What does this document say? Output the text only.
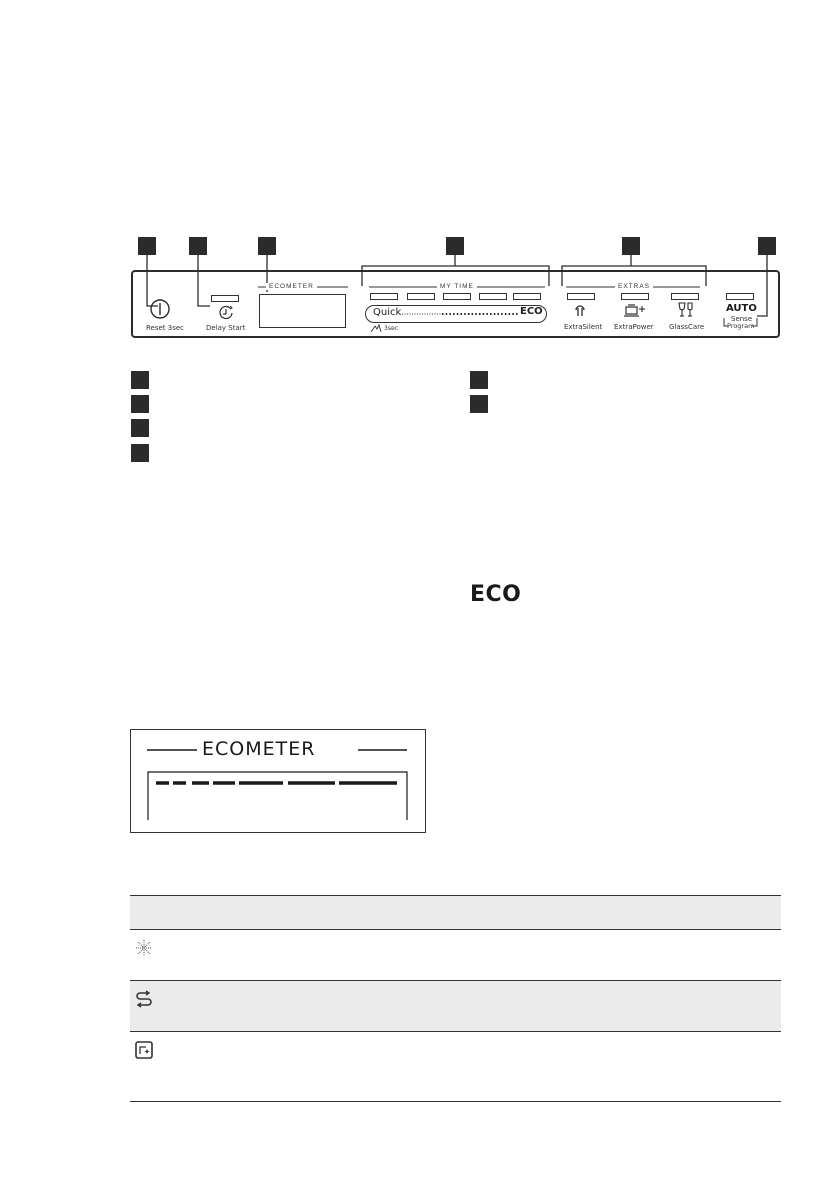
Reset 3sec	Delay Start
ECOMETER	MY TIME
Quick	ECO
3sec
EXTRAS
ExtraSilent ExtraPower GlassCare
AUTO
Sense
Program
ECO
ECOMETER
